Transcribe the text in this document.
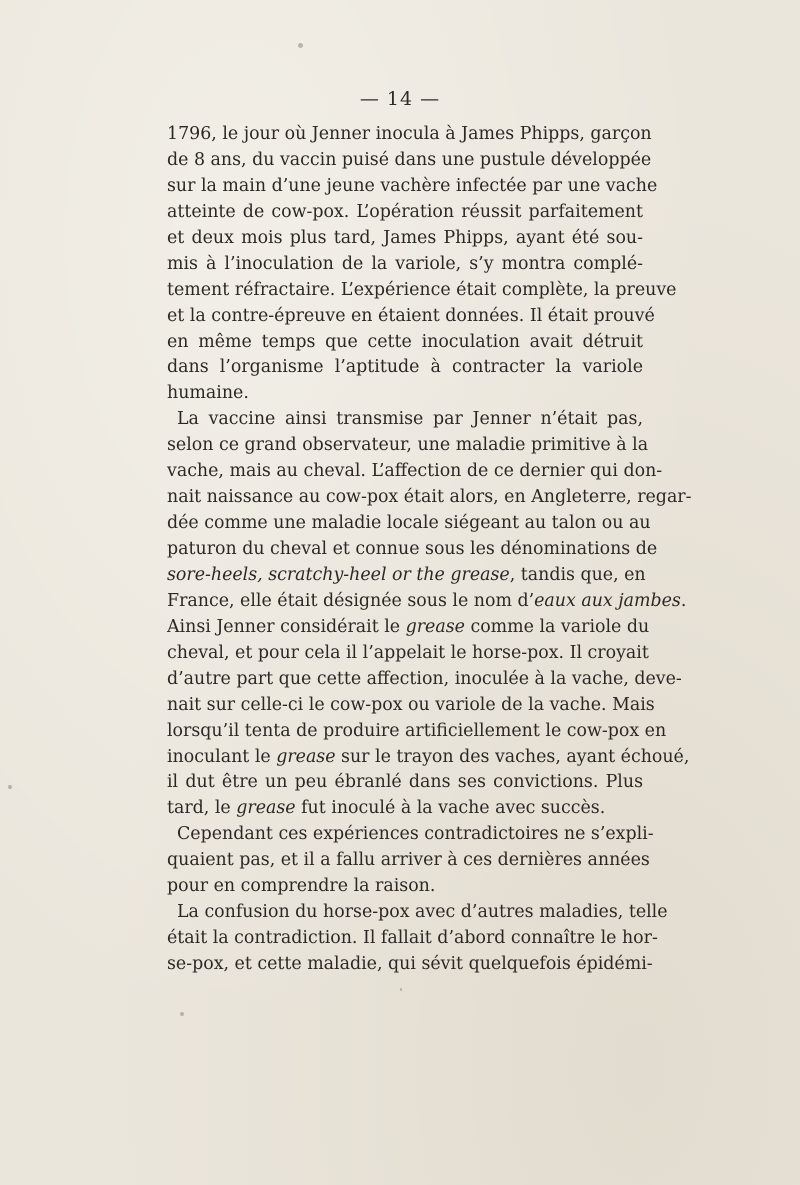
— 14 —
1796, le jour où Jenner inocula à James Phipps, garçon
de 8 ans, du vaccin puisé dans une pustule développée
sur la main d’une jeune vachère infectée par une vache
atteinte de cow-pox. L’opération réussit parfaitement
et deux mois plus tard, James Phipps, ayant été sou-
mis à l’inoculation de la variole, s’y montra complé-
tement réfractaire. L’expérience était complète, la preuve
et la contre-épreuve en étaient données. Il était prouvé
en même temps que cette inoculation avait détruit
dans l’organisme l’aptitude à contracter la variole
humaine.
La vaccine ainsi transmise par Jenner n’était pas,
selon ce grand observateur, une maladie primitive à la
vache, mais au cheval. L’affection de ce dernier qui don-
nait naissance au cow-pox était alors, en Angleterre, regar-
dée comme une maladie locale siégeant au talon ou au
paturon du cheval et connue sous les dénominations de
sore-heels, scratchy-heel or the grease, tandis que, en
France, elle était désignée sous le nom d’eaux aux jambes.
Ainsi Jenner considérait le grease comme la variole du
cheval, et pour cela il l’appelait le horse-pox. Il croyait
d’autre part que cette affection, inoculée à la vache, deve-
nait sur celle-ci le cow-pox ou variole de la vache. Mais
lorsqu’il tenta de produire artificiellement le cow-pox en
inoculant le grease sur le trayon des vaches, ayant échoué,
il dut être un peu ébranlé dans ses convictions. Plus
tard, le grease fut inoculé à la vache avec succès.
Cependant ces expériences contradictoires ne s’expli-
quaient pas, et il a fallu arriver à ces dernières années
pour en comprendre la raison.
La confusion du horse-pox avec d’autres maladies, telle
était la contradiction. Il fallait d’abord connaître le hor-
se-pox, et cette maladie, qui sévit quelquefois épidémi-
